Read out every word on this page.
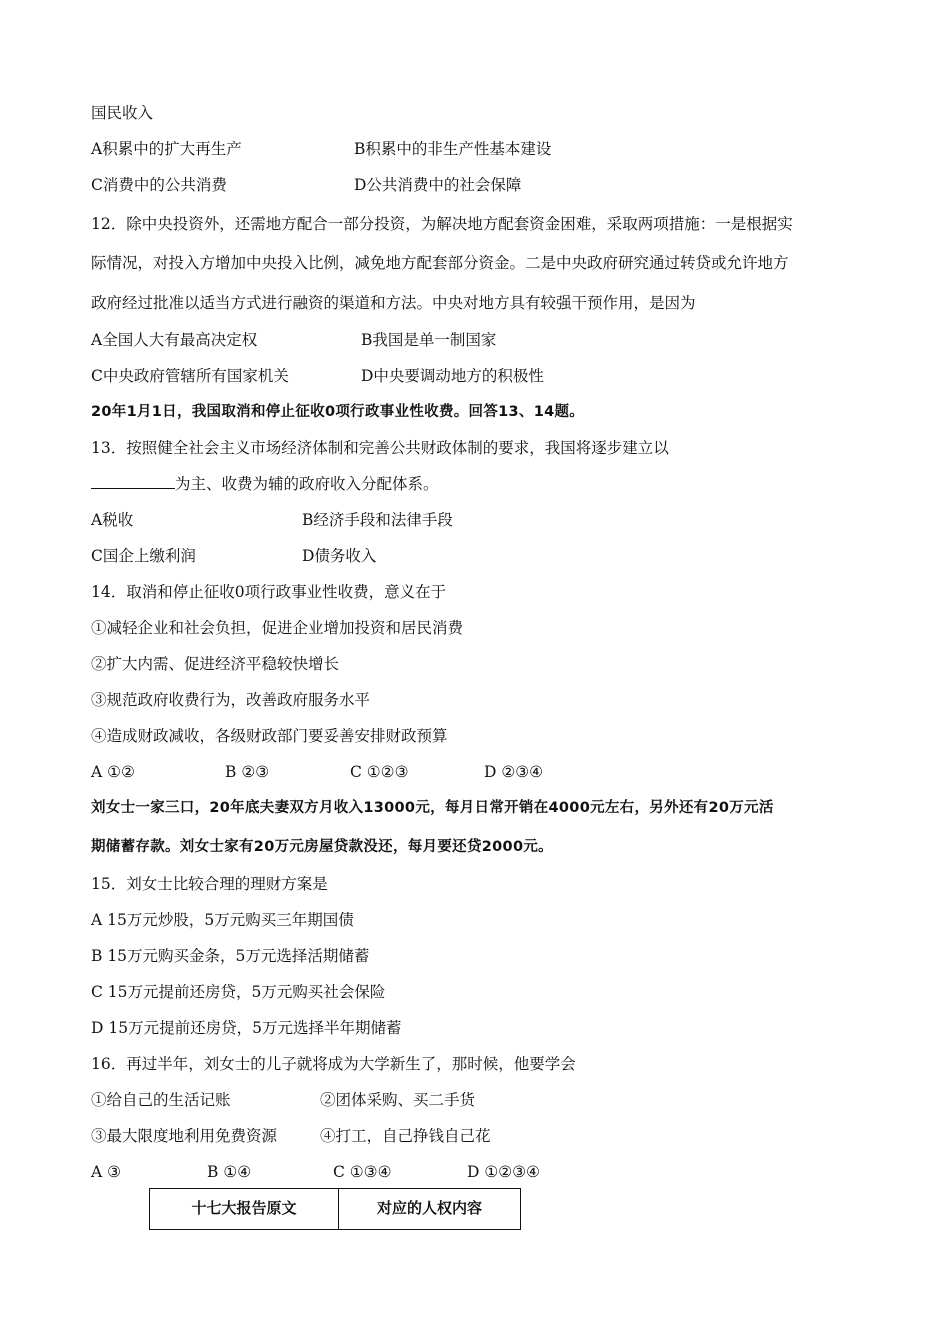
国民收入
A积累中的扩大再生产	B积累中的非生产性基本建设
C消费中的公共消费	D公共消费中的社会保障
12．除中央投资外，还需地方配合一部分投资，为解决地方配套资金困难，采取两项措施：一是根据实
际情况，对投入方增加中央投入比例，减免地方配套部分资金。二是中央政府研究通过转贷或允许地方
政府经过批准以适当方式进行融资的渠道和方法。中央对地方具有较强干预作用，是因为
A全国人大有最高决定权	B我国是单一制国家
C中央政府管辖所有国家机关	D中央要调动地方的积极性
20年1月1日，我国取消和停止征收0项行政事业性收费。回答13、14题。
13．按照健全社会主义市场经济体制和完善公共财政体制的要求，我国将逐步建立以
为主、收费为辅的政府收入分配体系。
A税收	B经济手段和法律手段
C国企上缴利润	D债务收入
14．取消和停止征收0项行政事业性收费，意义在于
①减轻企业和社会负担，促进企业增加投资和居民消费
②扩大内需、促进经济平稳较快增长
③规范政府收费行为，改善政府服务水平
④造成财政减收，各级财政部门要妥善安排财政预算
A ①②	B ②③	C ①②③	D ②③④
刘女士一家三口，20年底夫妻双方月收入13000元，每月日常开销在4000元左右，另外还有20万元活
期储蓄存款。刘女士家有20万元房屋贷款没还，每月要还贷2000元。
15．刘女士比较合理的理财方案是
A 15万元炒股，5万元购买三年期国债
B 15万元购买金条，5万元选择活期储蓄
C 15万元提前还房贷，5万元购买社会保险
D 15万元提前还房贷，5万元选择半年期储蓄
16．再过半年，刘女士的儿子就将成为大学新生了，那时候，他要学会
①给自己的生活记账	②团体采购、买二手货
③最大限度地利用免费资源	④打工，自己挣钱自己花
A ③	B ①④	C ①③④	D ①②③④
十七大报告原文	对应的人权内容
